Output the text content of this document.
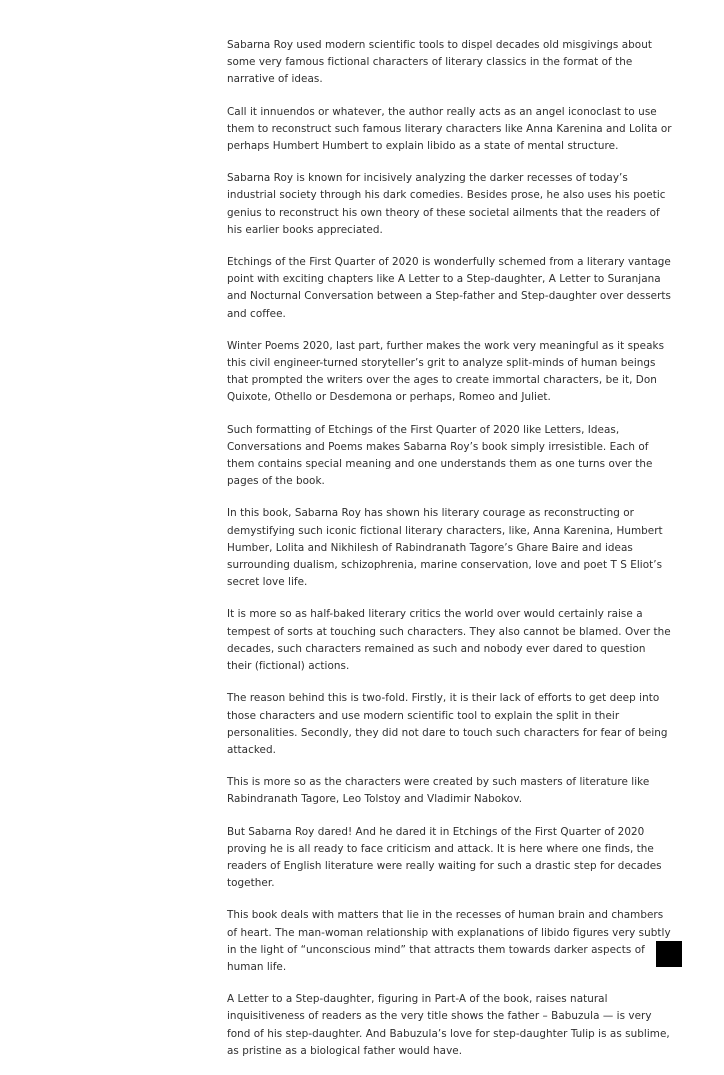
Sabarna Roy used modern scientific tools to dispel decades old misgivings about some very famous fictional characters of literary classics in the format of the narrative of ideas.

Call it innuendos or whatever, the author really acts as an angel iconoclast to use them to reconstruct such famous literary characters like Anna Karenina and Lolita or perhaps Humbert Humbert to explain libido as a state of mental structure.

Sabarna Roy is known for incisively analyzing the darker recesses of today’s industrial society through his dark comedies. Besides prose, he also uses his poetic genius to reconstruct his own theory of these societal ailments that the readers of his earlier books appreciated.

Etchings of the First Quarter of 2020 is wonderfully schemed from a literary vantage point with exciting chapters like A Letter to a Step-daughter, A Letter to Suranjana and Nocturnal Conversation between a Step-father and Step-daughter over desserts and coffee.

Winter Poems 2020, last part, further makes the work very meaningful as it speaks this civil engineer-turned storyteller’s grit to analyze split-minds of human beings that prompted the writers over the ages to create immortal characters, be it, Don Quixote, Othello or Desdemona or perhaps, Romeo and Juliet.

Such formatting of Etchings of the First Quarter of 2020 like Letters, Ideas, Conversations and Poems makes Sabarna Roy’s book simply irresistible. Each of them contains special meaning and one understands them as one turns over the pages of the book.

In this book, Sabarna Roy has shown his literary courage as reconstructing or demystifying such iconic fictional literary characters, like, Anna Karenina, Humbert Humber, Lolita and Nikhilesh of Rabindranath Tagore’s Ghare Baire and ideas surrounding dualism, schizophrenia, marine conservation, love and poet T S Eliot’s secret love life.

It is more so as half-baked literary critics the world over would certainly raise a tempest of sorts at touching such characters. They also cannot be blamed. Over the decades, such characters remained as such and nobody ever dared to question their (fictional) actions.

The reason behind this is two-fold. Firstly, it is their lack of efforts to get deep into those characters and use modern scientific tool to explain the split in their personalities. Secondly, they did not dare to touch such characters for fear of being attacked.

This is more so as the characters were created by such masters of literature like Rabindranath Tagore, Leo Tolstoy and Vladimir Nabokov.

But Sabarna Roy dared! And he dared it in Etchings of the First Quarter of 2020 proving he is all ready to face criticism and attack. It is here where one finds, the readers of English literature were really waiting for such a drastic step for decades together.

This book deals with matters that lie in the recesses of human brain and chambers of heart. The man-woman relationship with explanations of libido figures very subtly in the light of “unconscious mind” that attracts them towards darker aspects of human life.

A Letter to a Step-daughter, figuring in Part-A of the book, raises natural inquisitiveness of readers as the very title shows the father – Babuzula — is very fond of his step-daughter. And Babuzula’s love for step-daughter Tulip is as sublime, as pristine as a biological father would have.
